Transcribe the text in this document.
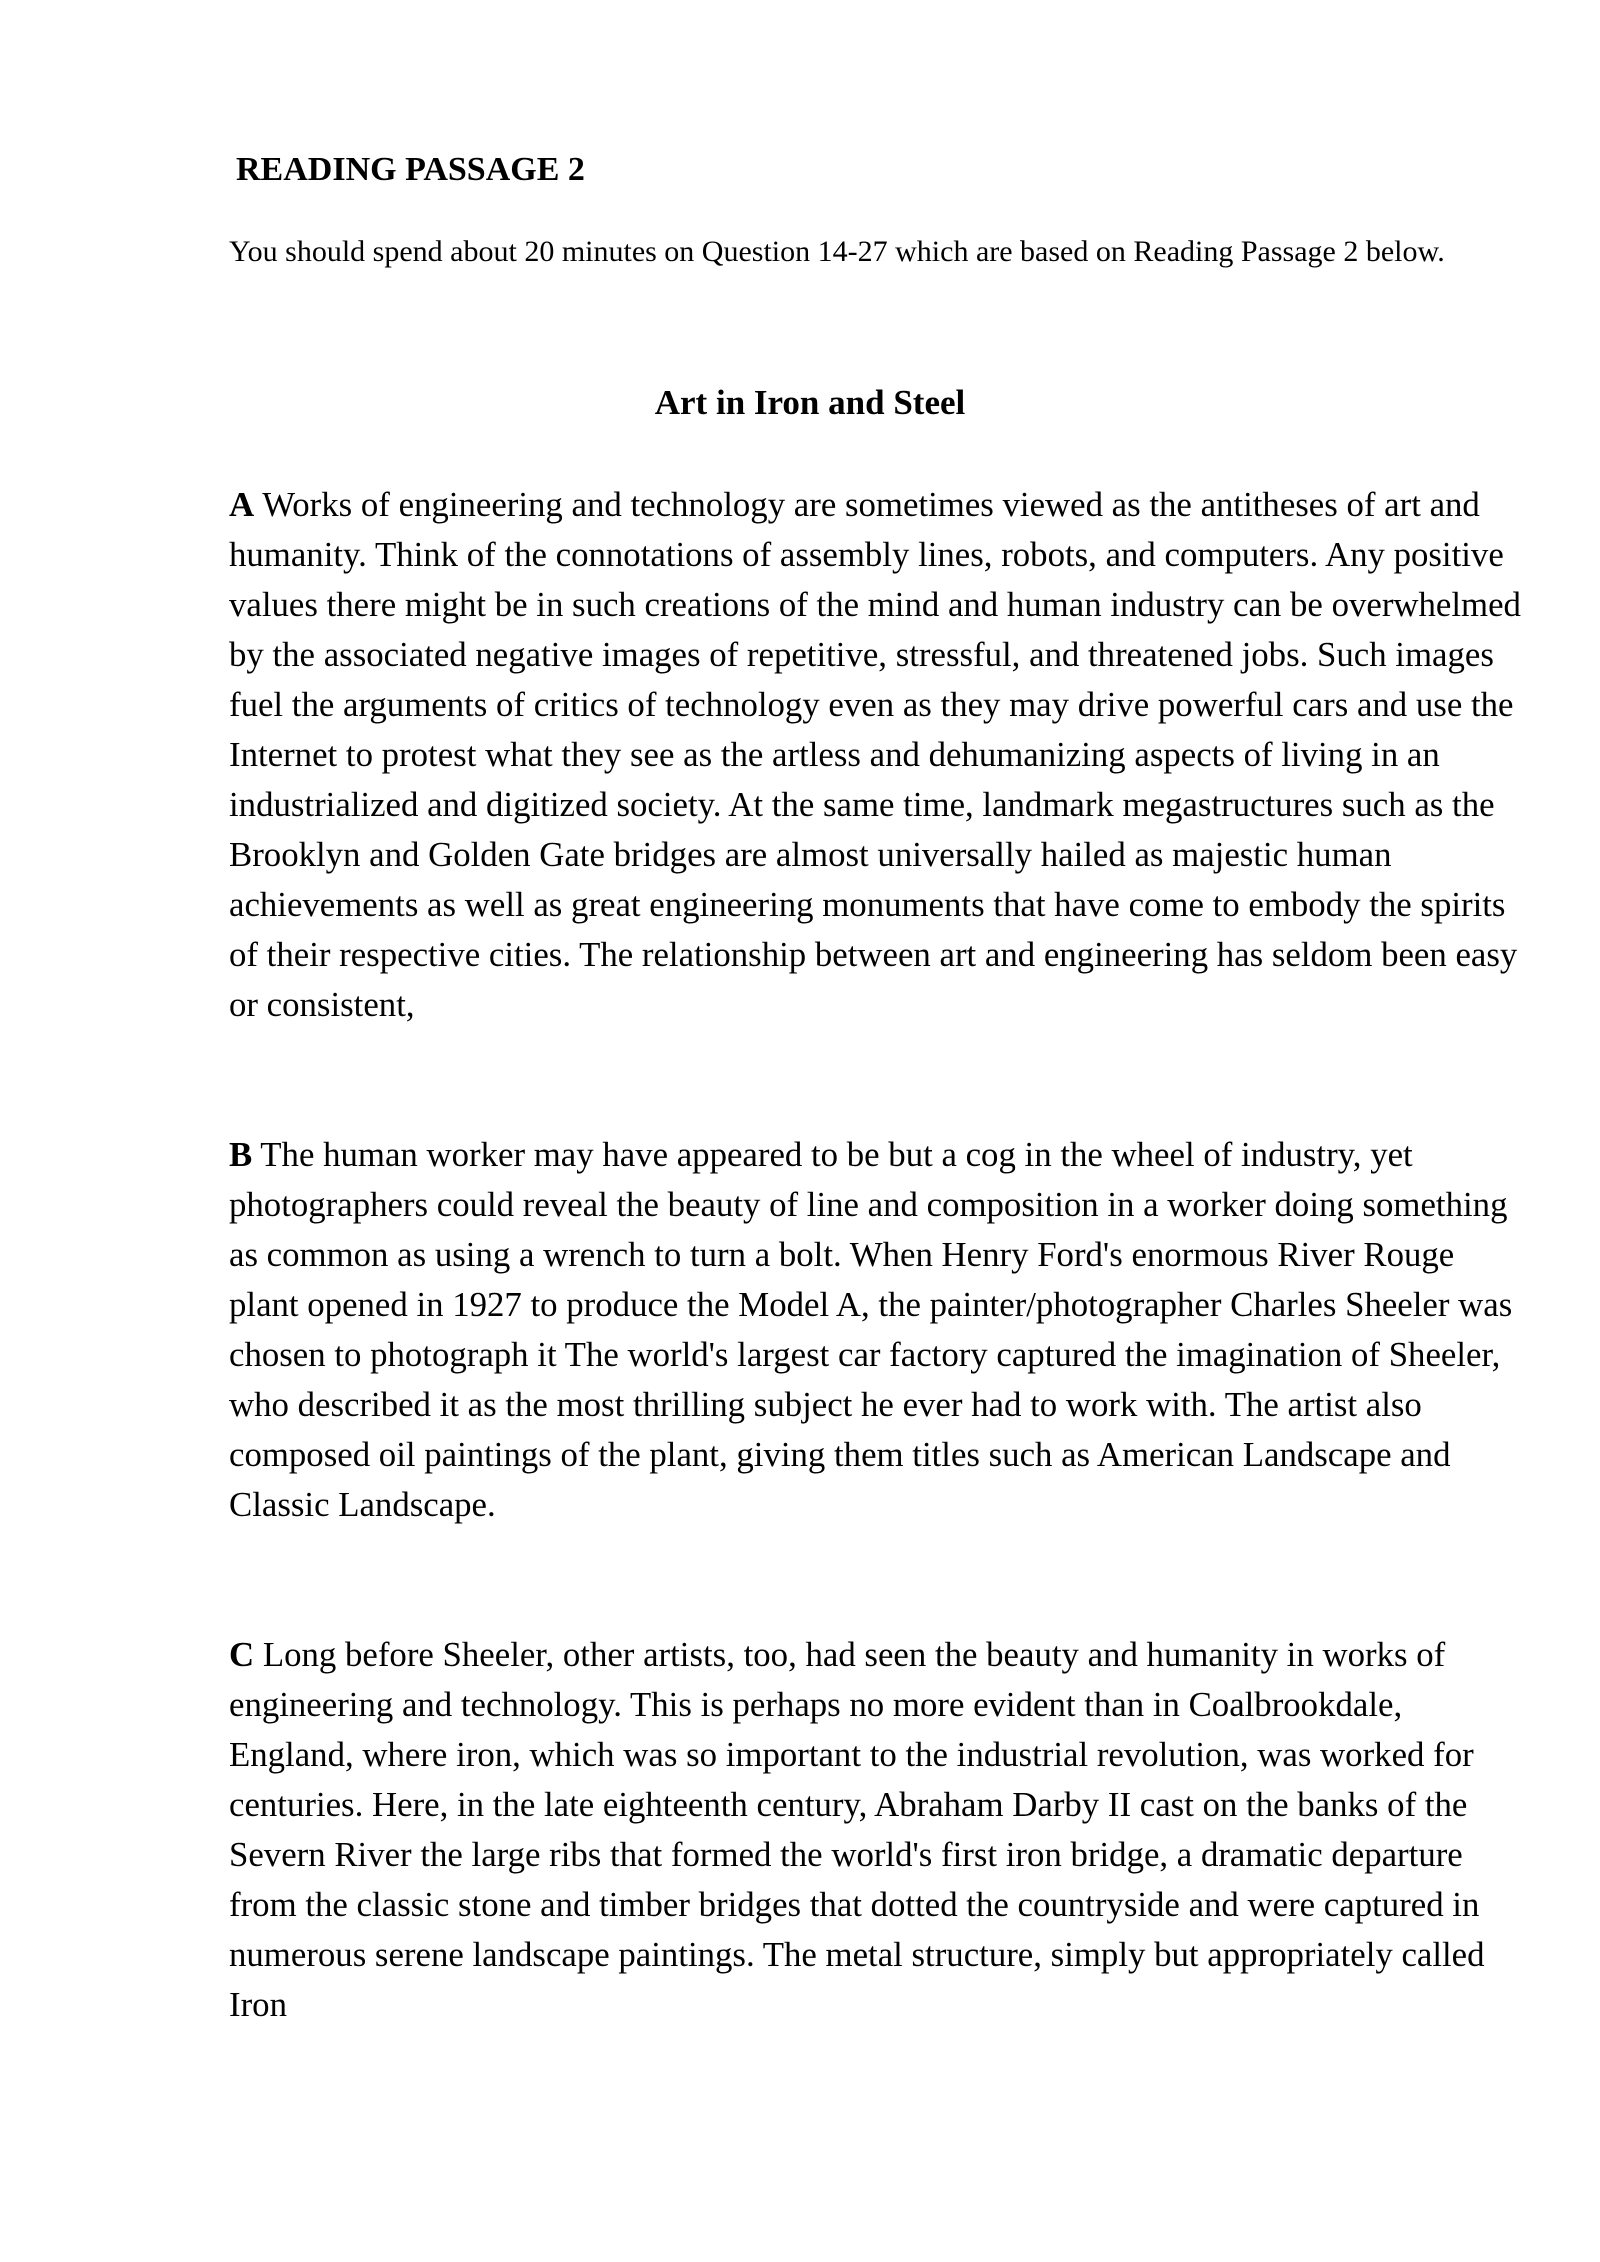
READING PASSAGE 2

You should spend about 20 minutes on Question 14-27 which are based on Reading Passage 2 below.

Art in Iron and Steel

A Works of engineering and technology are sometimes viewed as the antitheses of art and humanity. Think of the connotations of assembly lines, robots, and computers. Any positive values there might be in such creations of the mind and human industry can be overwhelmed by the associated negative images of repetitive, stressful, and threatened jobs. Such images fuel the arguments of critics of technology even as they may drive powerful cars and use the Internet to protest what they see as the artless and dehumanizing aspects of living in an industrialized and digitized society. At the same time, landmark megastructures such as the Brooklyn and Golden Gate bridges are almost universally hailed as majestic human achievements as well as great engineering monuments that have come to embody the spirits of their respective cities. The relationship between art and engineering has seldom been easy or consistent,

B The human worker may have appeared to be but a cog in the wheel of industry, yet photographers could reveal the beauty of line and composition in a worker doing something as common as using a wrench to turn a bolt. When Henry Ford's enormous River Rouge plant opened in 1927 to produce the Model A, the painter/photographer Charles Sheeler was chosen to photograph it The world's largest car factory captured the imagination of Sheeler, who described it as the most thrilling subject he ever had to work with. The artist also composed oil paintings of the plant, giving them titles such as American Landscape and Classic Landscape.

C Long before Sheeler, other artists, too, had seen the beauty and humanity in works of engineering and technology. This is perhaps no more evident than in Coalbrookdale, England, where iron, which was so important to the industrial revolution, was worked for centuries. Here, in the late eighteenth century, Abraham Darby II cast on the banks of the Severn River the large ribs that formed the world's first iron bridge, a dramatic departure from the classic stone and timber bridges that dotted the countryside and were captured in numerous serene landscape paintings. The metal structure, simply but appropriately called Iron
